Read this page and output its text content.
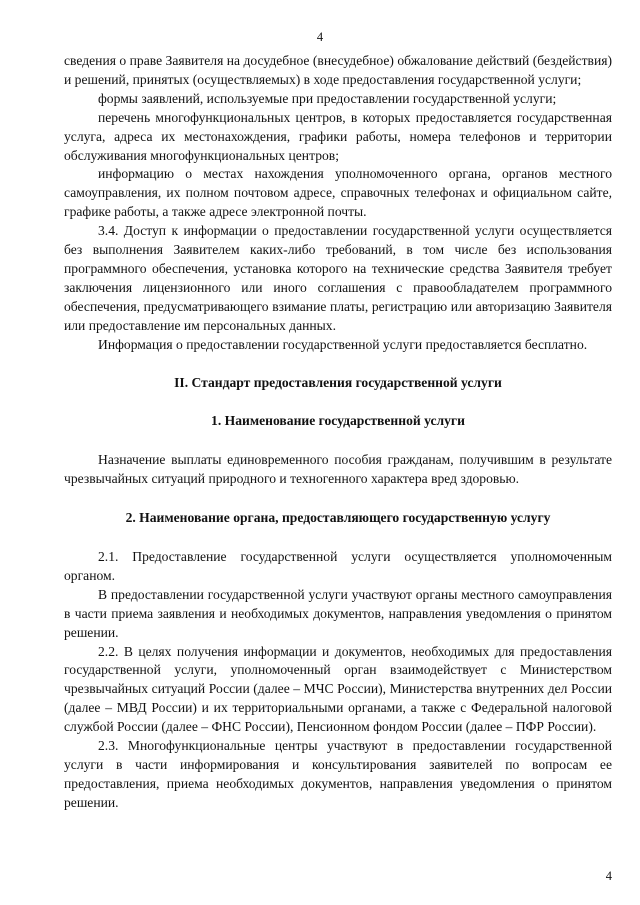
4

сведения о праве Заявителя на досудебное (внесудебное) обжалование действий (бездействия) и решений, принятых (осуществляемых) в ходе предоставления государственной услуги;

формы заявлений, используемые при предоставлении государственной услуги;

перечень многофункциональных центров, в которых предоставляется государственная услуга, адреса их местонахождения, графики работы, номера телефонов и территории обслуживания многофункциональных центров;

информацию о местах нахождения уполномоченного органа, органов местного самоуправления, их полном почтовом адресе, справочных телефонах и официальном сайте, графике работы, а также адресе электронной почты.

3.4. Доступ к информации о предоставлении государственной услуги осуществляется без выполнения Заявителем каких-либо требований, в том числе без использования программного обеспечения, установка которого на технические средства Заявителя требует заключения лицензионного или иного соглашения с правообладателем программного обеспечения, предусматривающего взимание платы, регистрацию или авторизацию Заявителя или предоставление им персональных данных.

Информация о предоставлении государственной услуги предоставляется бесплатно.

II. Стандарт предоставления государственной услуги
1. Наименование государственной услуги

Назначение выплаты единовременного пособия гражданам, получившим в результате чрезвычайных ситуаций природного и техногенного характера вред здоровью.

2. Наименование органа, предоставляющего государственную услугу

2.1. Предоставление государственной услуги осуществляется уполномоченным органом.

В предоставлении государственной услуги участвуют органы местного самоуправления в части приема заявления и необходимых документов, направления уведомления о принятом решении.

2.2. В целях получения информации и документов, необходимых для предоставления государственной услуги, уполномоченный орган взаимодействует с Министерством чрезвычайных ситуаций России (далее – МЧС России), Министерства внутренних дел России (далее – МВД России) и их территориальными органами, а также с Федеральной налоговой службой России (далее – ФНС России), Пенсионном фондом России (далее – ПФР России).

2.3. Многофункциональные центры участвуют в предоставлении государственной услуги в части информирования и консультирования заявителей по вопросам ее предоставления, приема необходимых документов, направления уведомления о принятом решении.

4
